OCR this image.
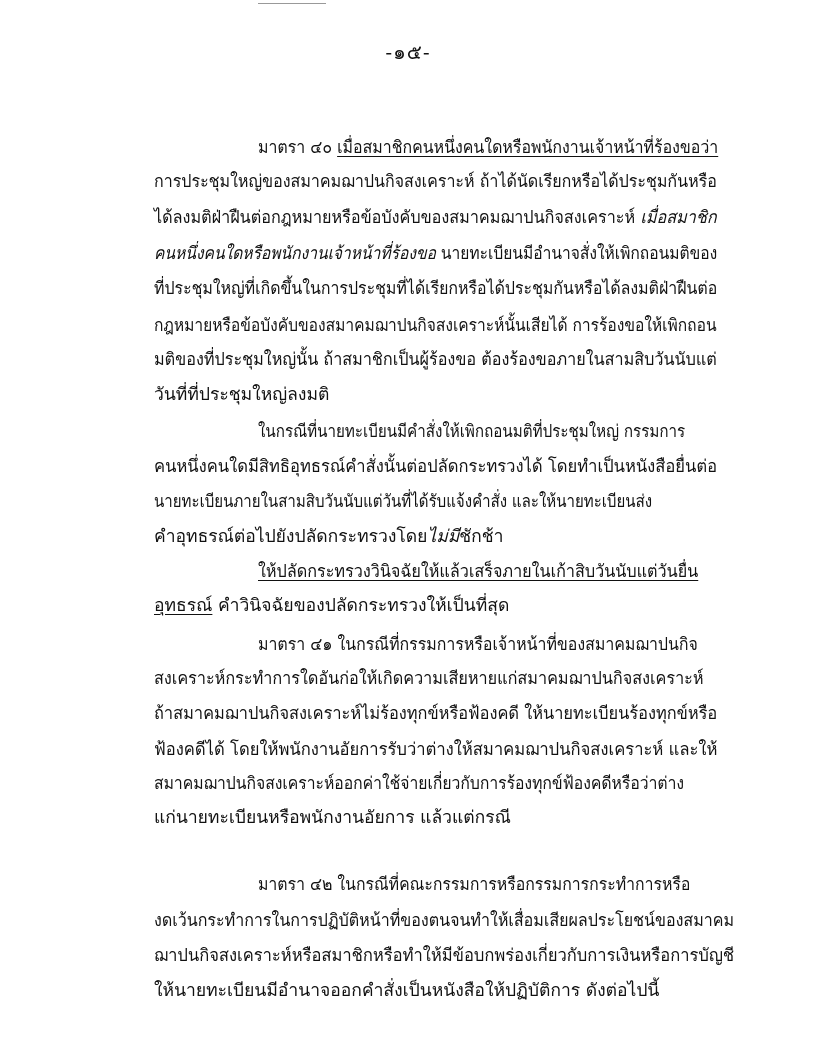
-๑๕-
มาตรา ๔๐ เมื่อสมาชิกคนหนึ่งคนใดหรือพนักงานเจ้าหน้าที่ร้องขอว่า
การประชุมใหญ่ของสมาคมฌาปนกิจสงเคราะห์ ถ้าได้นัดเรียกหรือได้ประชุมกันหรือ
ได้ลงมติฝ่าฝืนต่อกฎหมายหรือข้อบังคับของสมาคมฌาปนกิจสงเคราะห์ เมื่อสมาชิก
คนหนึ่งคนใดหรือพนักงานเจ้าหน้าที่ร้องขอ นายทะเบียนมีอำนาจสั่งให้เพิกถอนมติของ
ที่ประชุมใหญ่ที่เกิดขึ้นในการประชุมที่ได้เรียกหรือได้ประชุมกันหรือได้ลงมติฝ่าฝืนต่อ
กฎหมายหรือข้อบังคับของสมาคมฌาปนกิจสงเคราะห์นั้นเสียได้ การร้องขอให้เพิกถอน
มติของที่ประชุมใหญ่นั้น ถ้าสมาชิกเป็นผู้ร้องขอ ต้องร้องขอภายในสามสิบวันนับแต่
วันที่ที่ประชุมใหญ่ลงมติ
ในกรณีที่นายทะเบียนมีคำสั่งให้เพิกถอนมติที่ประชุมใหญ่ กรรมการ
คนหนึ่งคนใดมีสิทธิอุทธรณ์คำสั่งนั้นต่อปลัดกระทรวงได้ โดยทำเป็นหนังสือยื่นต่อ
นายทะเบียนภายในสามสิบวันนับแต่วันที่ได้รับแจ้งคำสั่ง และให้นายทะเบียนส่ง
คำอุทธรณ์ต่อไปยังปลัดกระทรวงโดยไม่มีชักช้า
ให้ปลัดกระทรวงวินิจฉัยให้แล้วเสร็จภายในเก้าสิบวันนับแต่วันยื่น
อุทธรณ์ คำวินิจฉัยของปลัดกระทรวงให้เป็นที่สุด
มาตรา ๔๑ ในกรณีที่กรรมการหรือเจ้าหน้าที่ของสมาคมฌาปนกิจ
สงเคราะห์กระทำการใดอันก่อให้เกิดความเสียหายแก่สมาคมฌาปนกิจสงเคราะห์
ถ้าสมาคมฌาปนกิจสงเคราะห์ไม่ร้องทุกข์หรือฟ้องคดี ให้นายทะเบียนร้องทุกข์หรือ
ฟ้องคดีได้ โดยให้พนักงานอัยการรับว่าต่างให้สมาคมฌาปนกิจสงเคราะห์ และให้
สมาคมฌาปนกิจสงเคราะห์ออกค่าใช้จ่ายเกี่ยวกับการร้องทุกข์ฟ้องคดีหรือว่าต่าง
แก่นายทะเบียนหรือพนักงานอัยการ แล้วแต่กรณี
มาตรา ๔๒ ในกรณีที่คณะกรรมการหรือกรรมการกระทำการหรือ
งดเว้นกระทำการในการปฏิบัติหน้าที่ของตนจนทำให้เสื่อมเสียผลประโยชน์ของสมาคม
ฌาปนกิจสงเคราะห์หรือสมาชิกหรือทำให้มีข้อบกพร่องเกี่ยวกับการเงินหรือการบัญชี
ให้นายทะเบียนมีอำนาจออกคำสั่งเป็นหนังสือให้ปฏิบัติการ ดังต่อไปนี้
